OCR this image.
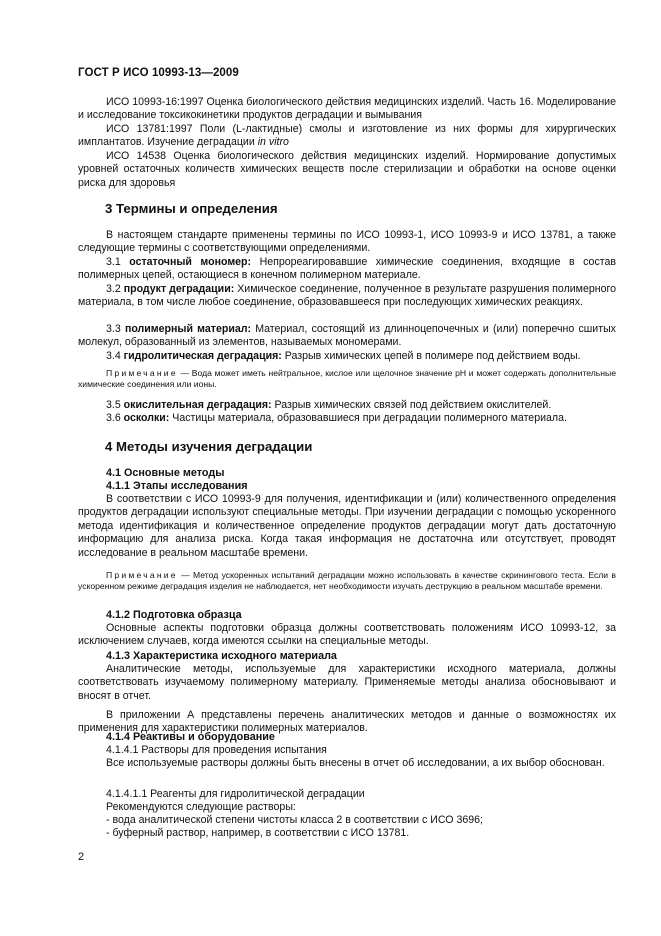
ГОСТ Р ИСО 10993-13—2009

ИСО 10993-16:1997 Оценка биологического действия медицинских изделий. Часть 16. Моделирование и исследование токсикокинетики продуктов деградации и вымывания

ИСО 13781:1997 Поли (L-лактидные) смолы и изготовление из них формы для хирургических имплантатов. Изучение деградации in vitro

ИСО 14538 Оценка биологического действия медицинских изделий. Нормирование допустимых уровней остаточных количеств химических веществ после стерилизации и обработки на основе оценки риска для здоровья

3 Термины и определения

В настоящем стандарте применены термины по ИСО 10993-1, ИСО 10993-9 и ИСО 13781, а также следующие термины с соответствующими определениями.

3.1 остаточный мономер: Непрореагировавшие химические соединения, входящие в состав полимерных цепей, остающиеся в конечном полимерном материале.

3.2 продукт деградации: Химическое соединение, полученное в результате разрушения полимерного материала, в том числе любое соединение, образовавшееся при последующих химических реакциях.

3.3 полимерный материал: Материал, состоящий из длинноцепочечных и (или) поперечно сшитых молекул, образованный из элементов, называемых мономерами.

3.4 гидролитическая деградация: Разрыв химических цепей в полимере под действием воды.

Примечание — Вода может иметь нейтральное, кислое или щелочное значение pH и может содержать дополнительные химические соединения или ионы.

3.5 окислительная деградация: Разрыв химических связей под действием окислителей.

3.6 осколки: Частицы материала, образовавшиеся при деградации полимерного материала.

4 Методы изучения деградации
4.1 Основные методы
4.1.1 Этапы исследования

В соответствии с ИСО 10993-9 для получения, идентификации и (или) количественного определения продуктов деградации используют специальные методы. При изучении деградации с помощью ускоренного метода идентификация и количественное определение продуктов деградации могут дать достаточную информацию для анализа риска. Когда такая информация не достаточна или отсутствует, проводят исследование в реальном масштабе времени.

Примечание — Метод ускоренных испытаний деградации можно использовать в качестве скринингового теста. Если в ускоренном режиме деградация изделия не наблюдается, нет необходимости изучать деструкцию в реальном масштабе времени.

4.1.2 Подготовка образца

Основные аспекты подготовки образца должны соответствовать положениям ИСО 10993-12, за исключением случаев, когда имеются ссылки на специальные методы.

4.1.3 Характеристика исходного материала

Аналитические методы, используемые для характеристики исходного материала, должны соответствовать изучаемому полимерному материалу. Применяемые методы анализа обосновывают и вносят в отчет.

В приложении А представлены перечень аналитических методов и данные о возможностях их применения для характеристики полимерных материалов.

4.1.4 Реактивы и оборудование

4.1.4.1 Растворы для проведения испытания

Все используемые растворы должны быть внесены в отчет об исследовании, а их выбор обоснован.

4.1.4.1.1 Реагенты для гидролитической деградации

Рекомендуются следующие растворы:

- вода аналитической степени чистоты класса 2 в соответствии с ИСО 3696;

- буферный раствор, например, в соответствии с ИСО 13781.

2
